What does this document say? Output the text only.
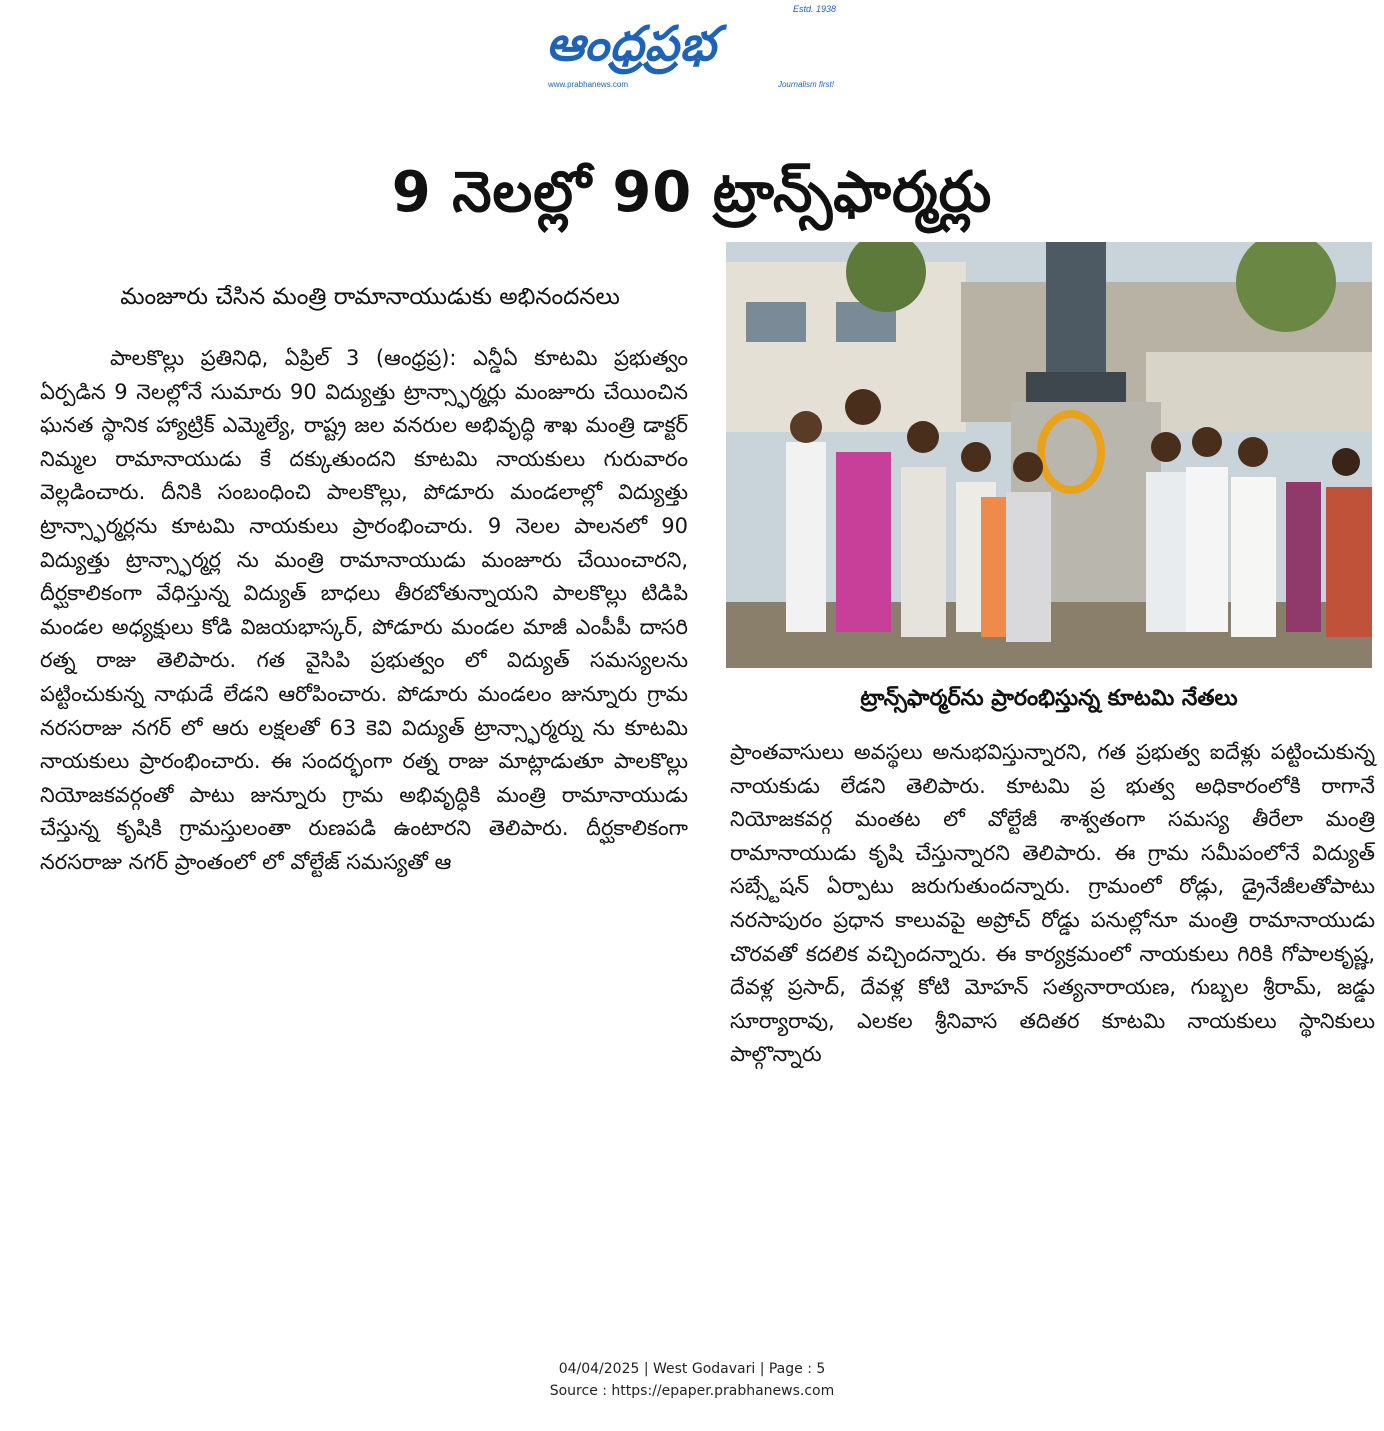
Estd. 1938
ఆంధ్రప్రభ
www.prabhanews.com	Journalism first!
9 నెలల్లో 90 ట్రాన్స్‌ఫార్మర్లు
మంజూరు చేసిన మంత్రి రామానాయుడుకు అభినందనలు

పాలకొల్లు ప్రతినిధి, ఏప్రిల్ 3 (ఆంధ్రప్ర): ఎన్డీఏ కూటమి ప్రభుత్వం ఏర్పడిన 9 నెలల్లోనే సుమారు 90 విద్యుత్తు ట్రాన్స్ఫార్మర్లు మంజూరు చేయించిన ఘనత స్థానిక హ్యాట్రిక్ ఎమ్మెల్యే, రాష్ట్ర జల వనరుల అభివృద్ధి శాఖ మంత్రి డాక్టర్ నిమ్మల రామానాయుడు కే దక్కుతుందని కూటమి నాయకులు గురువారం వెల్లడించారు. దీనికి సంబంధించి పాలకొల్లు, పోడూరు మండలాల్లో విద్యుత్తు ట్రాన్స్ఫార్మర్లను కూటమి నాయకులు ప్రారంభించారు. 9 నెలల పాలనలో 90 విద్యుత్తు ట్రాన్స్ఫార్మర్ల ను మంత్రి రామానాయుడు మంజూరు చేయించారని, దీర్ఘకాలికంగా వేధిస్తున్న విద్యుత్ బాధలు తీరబోతున్నాయని పాలకొల్లు టిడిపి మండల అధ్యక్షులు కోడి విజయభాస్కర్, పోడూరు మండల మాజీ ఎంపీపీ దాసరి రత్న రాజు తెలిపారు. గత వైసిపి ప్రభుత్వం లో విద్యుత్ సమస్యలను పట్టించుకున్న నాథుడే లేడని ఆరోపించారు. పోడూరు మండలం జున్నూరు గ్రామ నరసరాజు నగర్ లో ఆరు లక్షలతో 63 కెవి విద్యుత్ ట్రాన్స్ఫార్మర్ను ను కూటమి నాయకులు ప్రారంభించారు. ఈ సందర్భంగా రత్న రాజు మాట్లాడుతూ పాలకొల్లు నియోజకవర్గంతో పాటు జున్నూరు గ్రామ అభివృద్ధికి మంత్రి రామానాయుడు చేస్తున్న కృషికి గ్రామస్తులంతా రుణపడి ఉంటారని తెలిపారు. దీర్ఘకాలికంగా నరసరాజు నగర్ ప్రాంతంలో లో వోల్టేజ్ సమస్యతో ఆ

ట్రాన్స్‌ఫార్మర్‌ను ప్రారంభిస్తున్న కూటమి నేతలు

ప్రాంతవాసులు అవస్థలు అనుభవిస్తున్నారని, గత ప్రభుత్వ ఐదేళ్లు పట్టించుకున్న నాయకుడు లేడని తెలిపారు. కూటమి ప్ర భుత్వ అధికారంలోకి రాగానే నియోజకవర్గ మంతట లో వోల్టేజీ శాశ్వతంగా సమస్య తీరేలా మంత్రి రామానాయుడు కృషి చేస్తున్నారని తెలిపారు. ఈ గ్రామ సమీపంలోనే విద్యుత్ సబ్స్టేషన్ ఏర్పాటు జరుగుతుందన్నారు. గ్రామంలో రోడ్లు, డ్రైనేజీలతోపాటు నరసాపురం ప్రధాన కాలువపై అప్రోచ్ రోడ్డు పనుల్లోనూ మంత్రి రామానాయుడు చొరవతో కదలిక వచ్చిందన్నారు. ఈ కార్యక్రమంలో నాయకులు గిరికి గోపాలకృష్ణ, దేవళ్ల ప్రసాద్, దేవళ్ల కోటి మోహన్ సత్యనారాయణ, గుబ్బల శ్రీరామ్, జడ్డు సూర్యారావు, ఎలకల శ్రీనివాస తదితర కూటమి నాయకులు స్థానికులు పాల్గొన్నారు

04/04/2025 | West Godavari | Page : 5
Source : https://epaper.prabhanews.com
